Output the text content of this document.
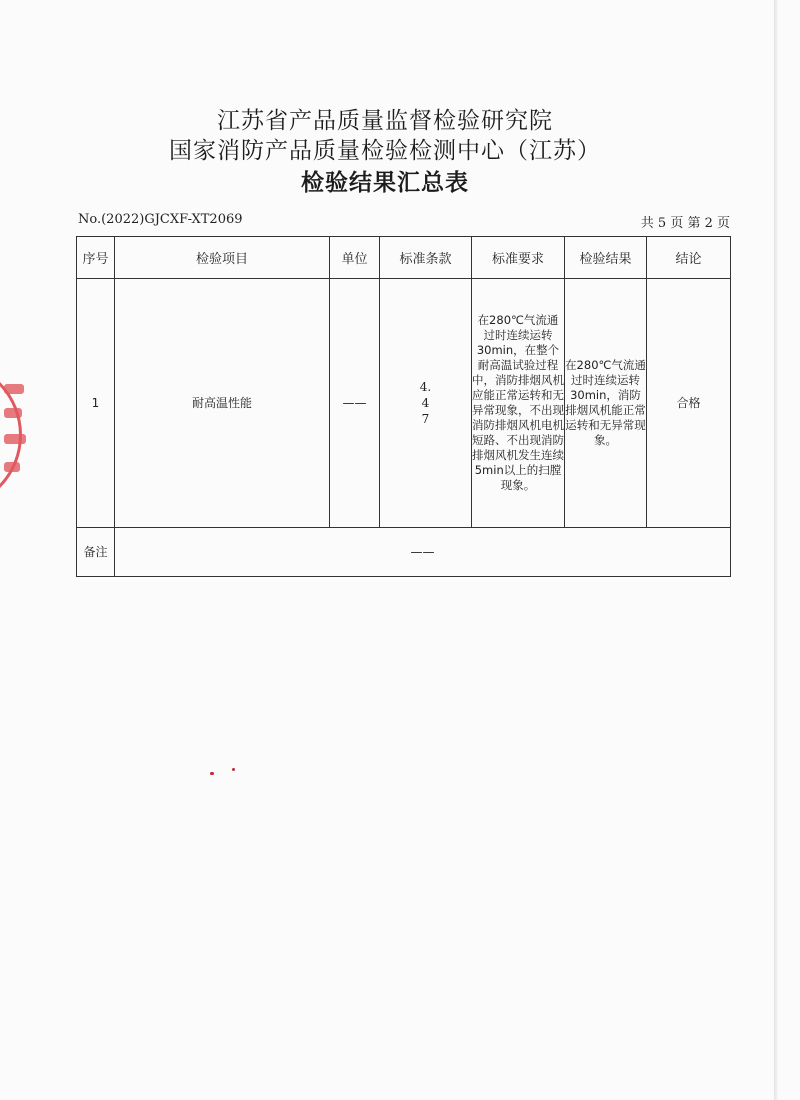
江苏省产品质量监督检验研究院
国家消防产品质量检验检测中心（江苏）
检验结果汇总表
No.(2022)GJCXF-XT2069	共 5 页 第 2 页
序号	检验项目	单位	标准条款	标准要求	检验结果	结论
1	耐高温性能	——	4.47	在280℃气流通过时连续运转30min，在整个耐高温试验过程中，消防排烟风机应能正常运转和无异常现象，不出现消防排烟风机电机短路、不出现消防排烟风机发生连续5min以上的扫膛现象。	在280℃气流通过时连续运转30min，消防排烟风机能正常运转和无异常现象。	合格
备注	——					
